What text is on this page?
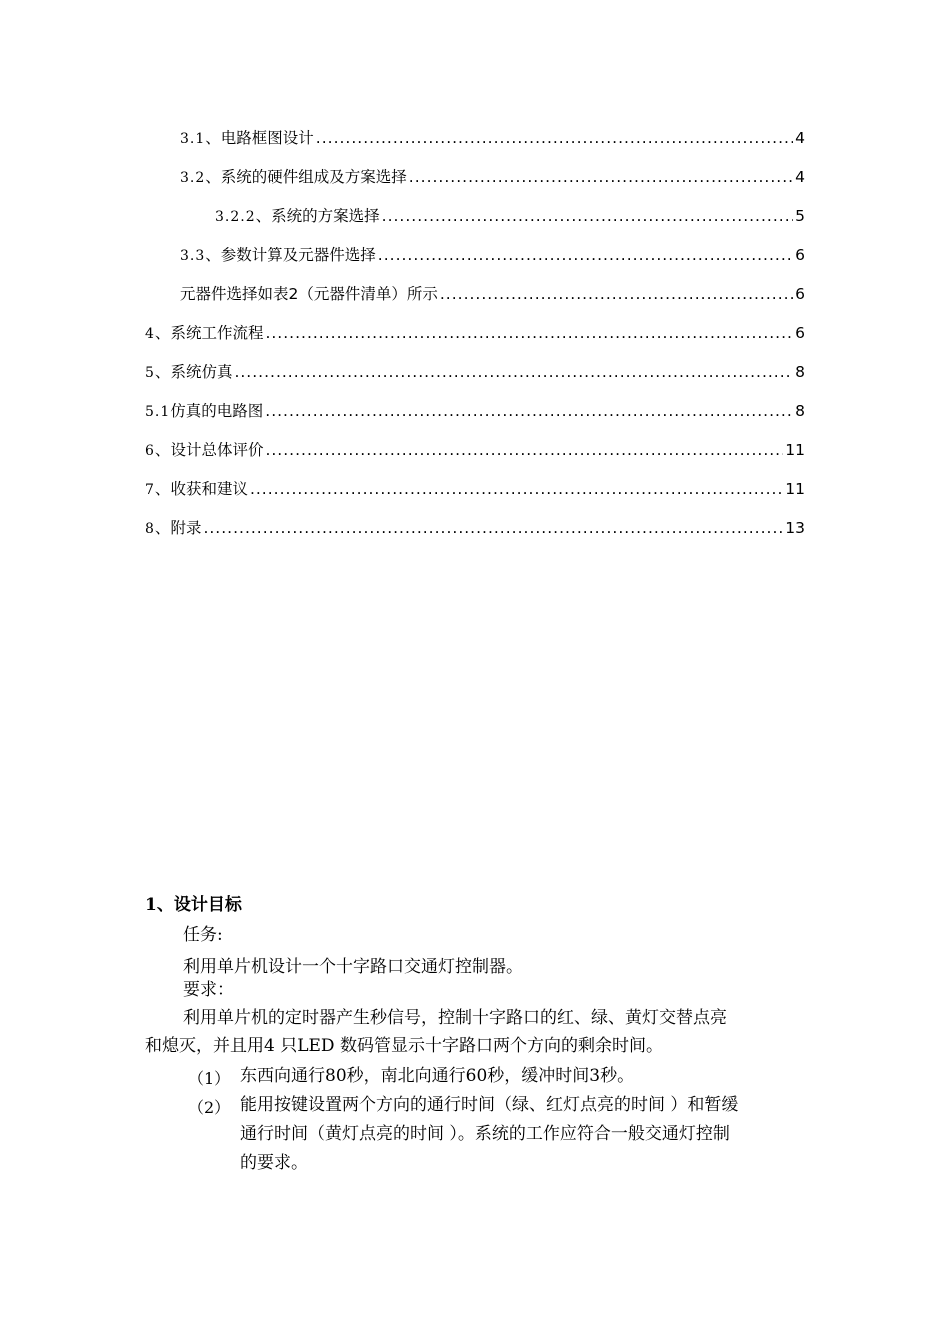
3.1 、 电路框图设计 .....	4
3.2 、 系统的硬件组成及方案选择 .....	4
3.2.2 、 系统的方案选择 .....	5
3.3 、 参数计算及元器件选择 .....	6
元器件选择如表2（元器件清单）所示 .....	6
4 、 系统工作流程 .....	6
5 、 系统仿真 .....	8
5.1 仿真的电路图 .....	8
6 、 设计总体评价 .....	11
7 、 收获和建议 .....	11
8 、 附录 .....	13
1、设计目标
任务:
利用单片机设计一个十字路口交通灯控制器。
要求：
利用单片机的定时器产生秒信号，控制十字路口的红、绿、黄灯交替点亮
和熄灭，并且用4 只LED 数码管显示十字路口两个方向的剩余时间。
（1） 东西向通行80秒，南北向通行60秒，缓冲时间3秒。
（2） 能用按键设置两个方向的通行时间（绿、红灯点亮的时间 ）和暂缓
通行时间（黄灯点亮的时间 ）。系统的工作应符合一般交通灯控制
的要求。
